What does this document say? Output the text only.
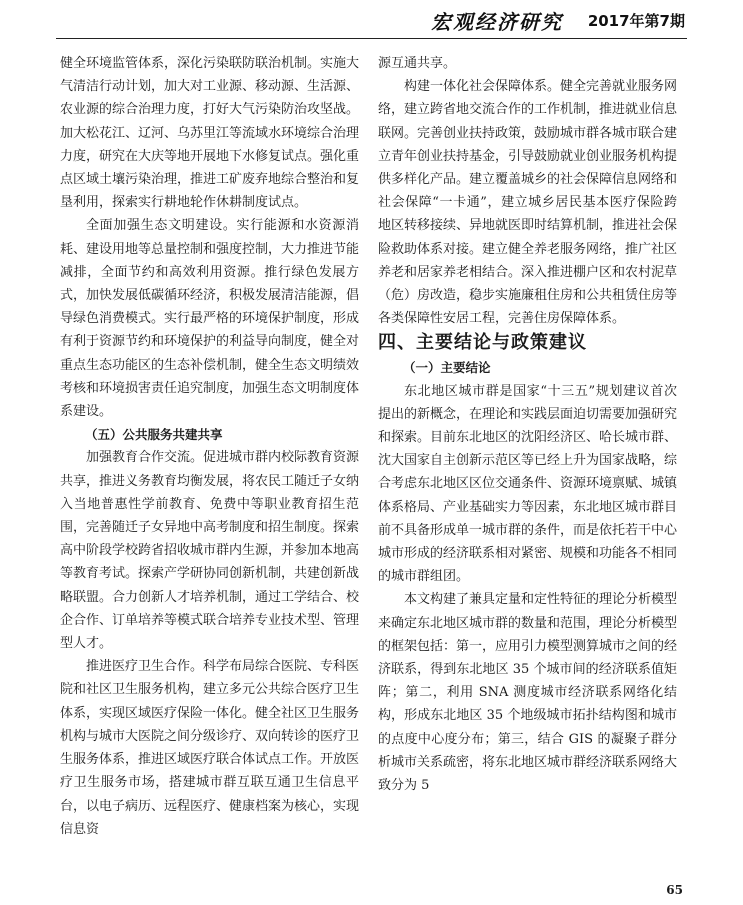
宏观经济研究 2017年第7期

健全环境监管体系，深化污染联防联治机制。实施大气清洁行动计划，加大对工业源、移动源、生活源、农业源的综合治理力度，打好大气污染防治攻坚战。加大松花江、辽河、乌苏里江等流域水环境综合治理力度，研究在大庆等地开展地下水修复试点。强化重点区域土壤污染治理，推进工矿废弃地综合整治和复垦利用，探索实行耕地轮作休耕制度试点。

全面加强生态文明建设。实行能源和水资源消耗、建设用地等总量控制和强度控制，大力推进节能减排，全面节约和高效利用资源。推行绿色发展方式，加快发展低碳循环经济，积极发展清洁能源，倡导绿色消费模式。实行最严格的环境保护制度，形成有利于资源节约和环境保护的利益导向制度，健全对重点生态功能区的生态补偿机制，健全生态文明绩效考核和环境损害责任追究制度，加强生态文明制度体系建设。

（五）公共服务共建共享

加强教育合作交流。促进城市群内校际教育资源共享，推进义务教育均衡发展，将农民工随迁子女纳入当地普惠性学前教育、免费中等职业教育招生范围，完善随迁子女异地中高考制度和招生制度。探索高中阶段学校跨省招收城市群内生源，并参加本地高等教育考试。探索产学研协同创新机制，共建创新战略联盟。合力创新人才培养机制，通过工学结合、校企合作、订单培养等模式联合培养专业技术型、管理型人才。

推进医疗卫生合作。科学布局综合医院、专科医院和社区卫生服务机构，建立多元公共综合医疗卫生体系，实现区域医疗保险一体化。健全社区卫生服务机构与城市大医院之间分级诊疗、双向转诊的医疗卫生服务体系，推进区域医疗联合体试点工作。开放医疗卫生服务市场，搭建城市群互联互通卫生信息平台，以电子病历、远程医疗、健康档案为核心，实现信息资

源互通共享。

构建一体化社会保障体系。健全完善就业服务网络，建立跨省地交流合作的工作机制，推进就业信息联网。完善创业扶持政策，鼓励城市群各城市联合建立青年创业扶持基金，引导鼓励就业创业服务机构提供多样化产品。建立覆盖城乡的社会保障信息网络和社会保障“一卡通”，建立城乡居民基本医疗保险跨地区转移接续、异地就医即时结算机制，推进社会保险救助体系对接。建立健全养老服务网络，推广社区养老和居家养老相结合。深入推进棚户区和农村泥草（危）房改造，稳步实施廉租住房和公共租赁住房等各类保障性安居工程，完善住房保障体系。

四、主要结论与政策建议

（一）主要结论

东北地区城市群是国家“十三五”规划建议首次提出的新概念，在理论和实践层面迫切需要加强研究和探索。目前东北地区的沈阳经济区、哈长城市群、沈大国家自主创新示范区等已经上升为国家战略，综合考虑东北地区区位交通条件、资源环境禀赋、城镇体系格局、产业基础实力等因素，东北地区城市群目前不具备形成单一城市群的条件，而是依托若干中心城市形成的经济联系相对紧密、规模和功能各不相同的城市群组团。

本文构建了兼具定量和定性特征的理论分析模型来确定东北地区城市群的数量和范围，理论分析模型的框架包括：第一，应用引力模型测算城市之间的经济联系，得到东北地区 35 个城市间的经济联系值矩阵；第二，利用 SNA 测度城市经济联系网络化结构，形成东北地区 35 个地级城市拓扑结构图和城市的点度中心度分布；第三，结合 GIS 的凝聚子群分析城市关系疏密，将东北地区城市群经济联系网络大致分为 5

65
